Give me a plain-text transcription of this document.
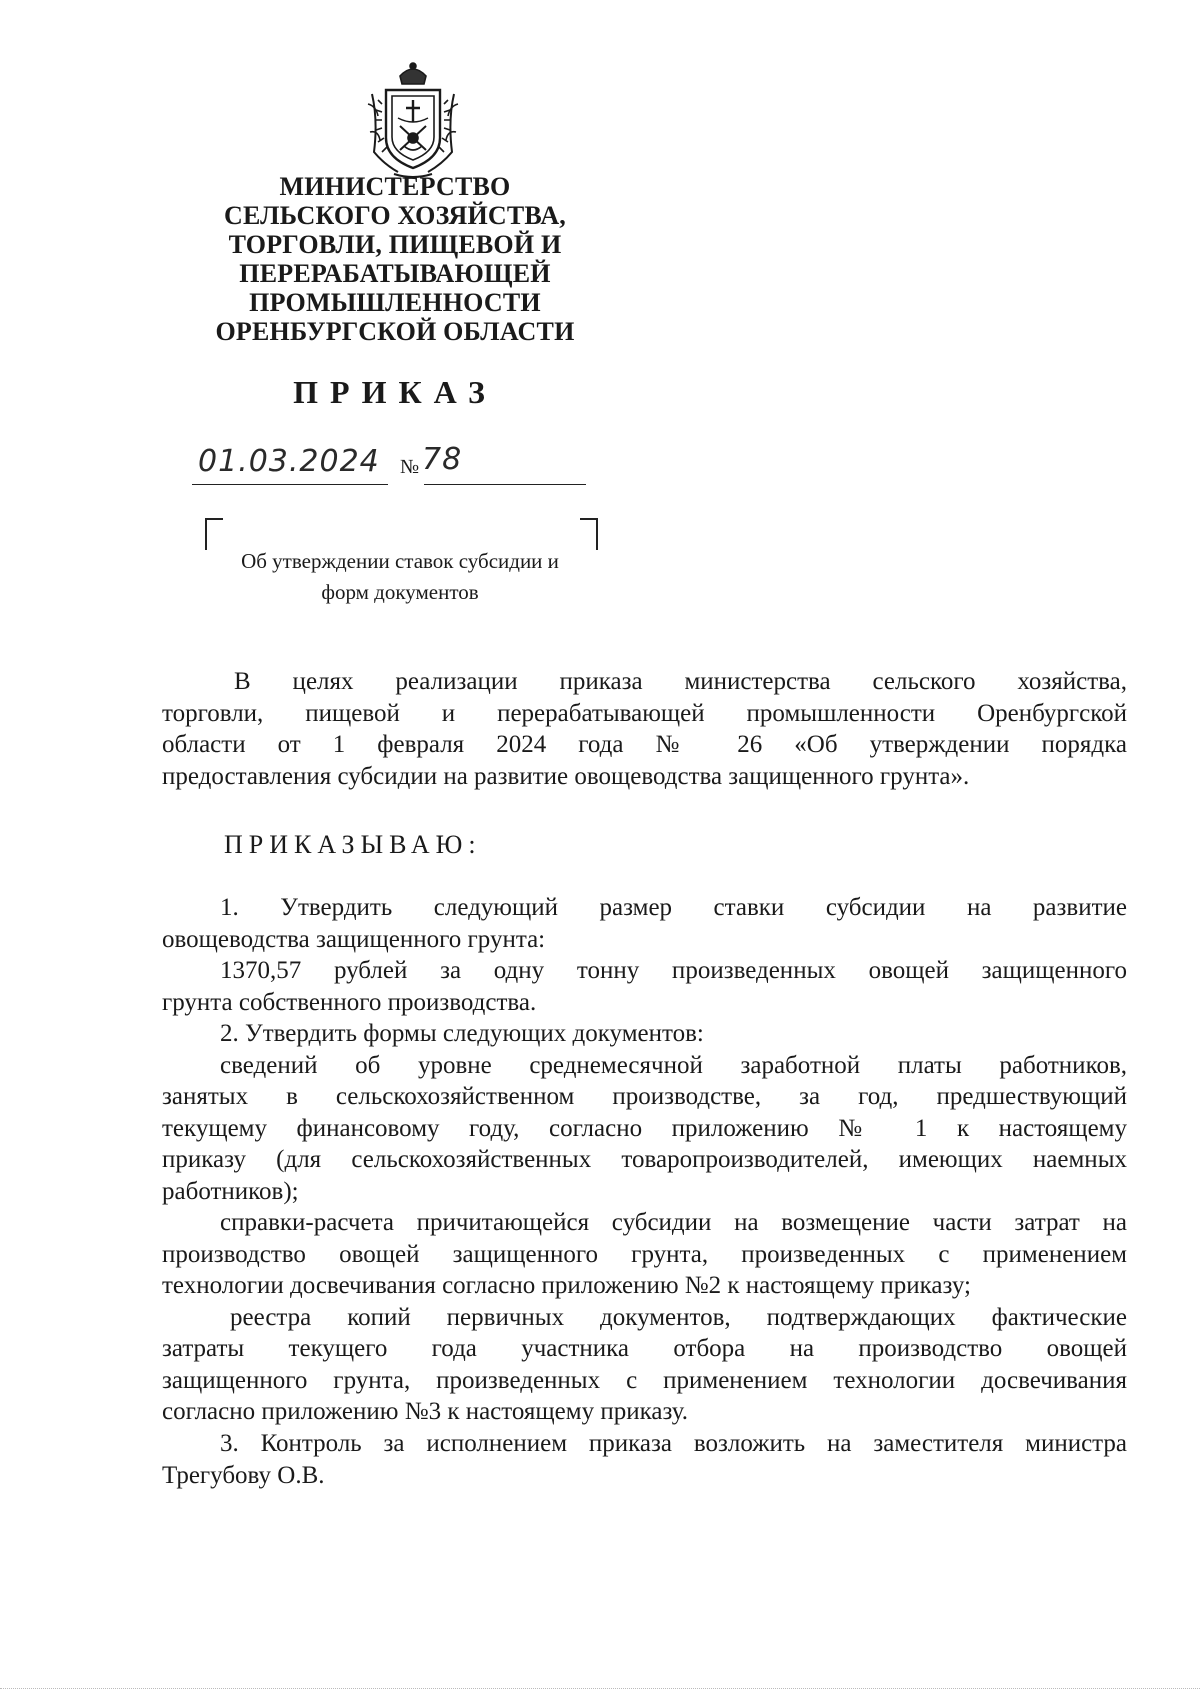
МИНИСТЕРСТВО
СЕЛЬСКОГО ХОЗЯЙСТВА,
ТОРГОВЛИ, ПИЩЕВОЙ И
ПЕРЕРАБАТЫВАЮЩЕЙ
ПРОМЫШЛЕННОСТИ
ОРЕНБУРГСКОЙ ОБЛАСТИ
ПРИКАЗ
01.03.2024 № 78
Об утверждении ставок субсидии и
форм документов
В целях реализации приказа министерства сельского хозяйства,
торговли, пищевой и перерабатывающей промышленности Оренбургской
области от 1 февраля 2024 года № 26 «Об утверждении порядка
предоставления субсидии на развитие овощеводства защищенного грунта».
ПРИКАЗЫВАЮ:
1. Утвердить следующий размер ставки субсидии на развитие
овощеводства защищенного грунта:
1370,57 рублей за одну тонну произведенных овощей защищенного
грунта собственного производства.
2. Утвердить формы следующих документов:
сведений об уровне среднемесячной заработной платы работников,
занятых в сельскохозяйственном производстве, за год, предшествующий
текущему финансовому году, согласно приложению № 1 к настоящему
приказу (для сельскохозяйственных товаропроизводителей, имеющих наемных
работников);
справки-расчета причитающейся субсидии на возмещение части затрат на
производство овощей защищенного грунта, произведенных с применением
технологии досвечивания согласно приложению №2 к настоящему приказу;
реестра копий первичных документов, подтверждающих фактические
затраты текущего года участника отбора на производство овощей
защищенного грунта, произведенных с применением технологии досвечивания
согласно приложению №3 к настоящему приказу.
3. Контроль за исполнением приказа возложить на заместителя министра
Трегубову О.В.
